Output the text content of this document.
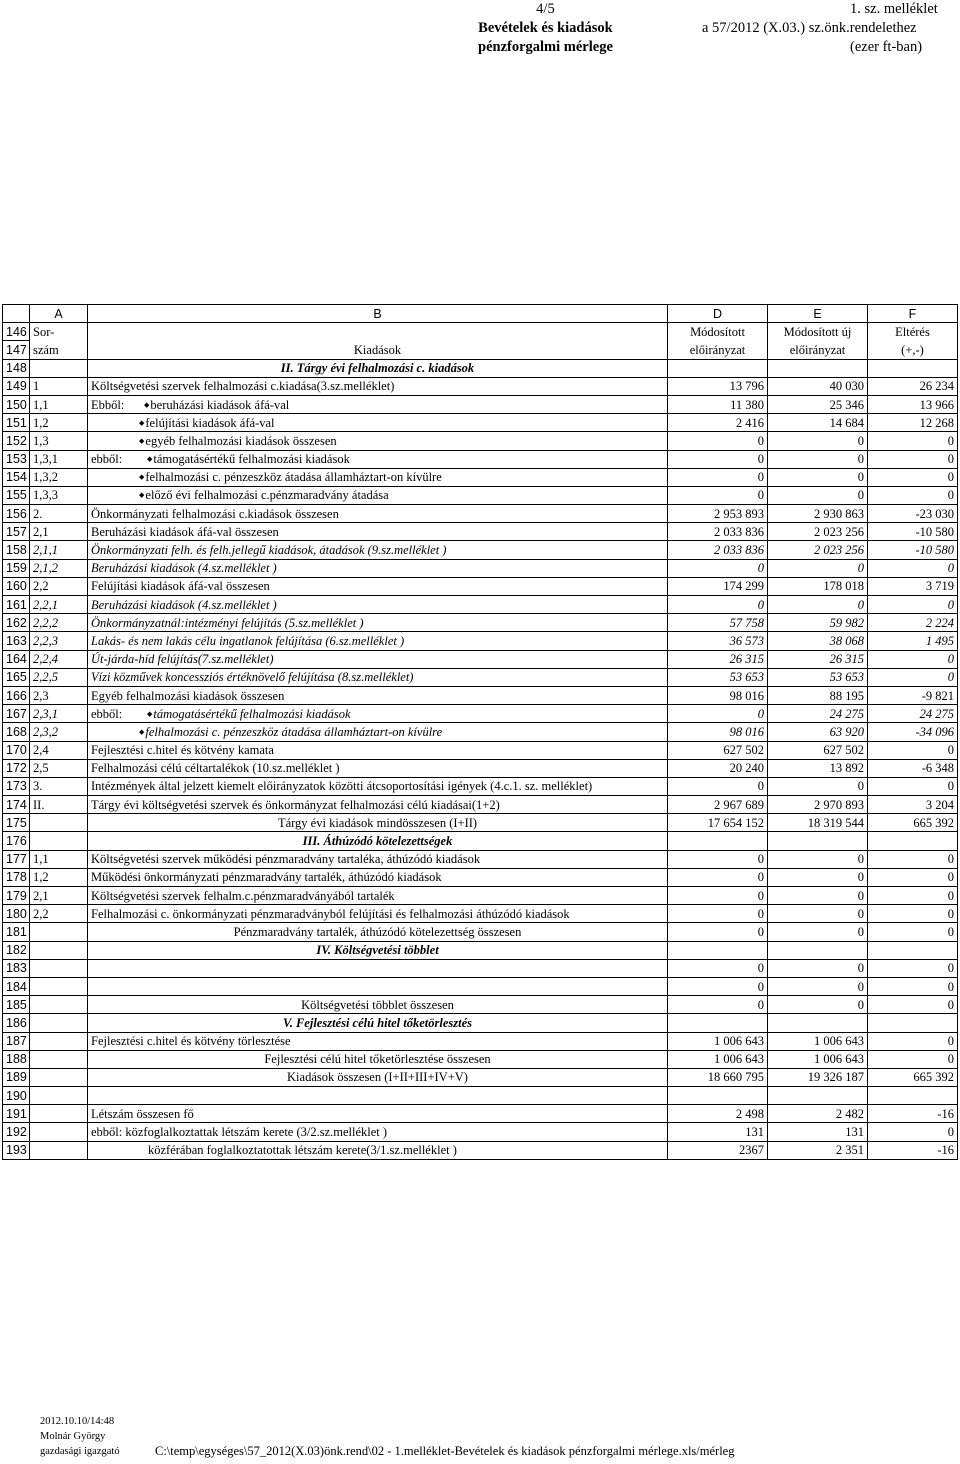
4/5
Bevételek és kiadások
pénzforgalmi mérlege
1. sz. melléklet
a 57/2012 (X.03.) sz.önk.rendelethez
(ezer ft-ban)
	A	B	D	E	F
146	Sor-		Módosított	Módosított új	Eltérés
147	szám	Kiadások	előirányzat	előirányzat	(+,-)
148		II. Tárgy évi felhalmozási c. kiadások			
149	1	Költségvetési szervek felhalmozási c.kiadása(3.sz.melléklet)	13 796	40 030	26 234
150	1,1	Ebből: ◆ beruházási kiadások áfá-val	11 380	25 346	13 966
151	1,2	◆ felújítási kiadások áfá-val	2 416	14 684	12 268
152	1,3	◆ egyéb felhalmozási kiadások összesen	0	0	0
153	1,3,1	ebből: ◆ támogatásértékű felhalmozási kiadások	0	0	0
154	1,3,2	◆ felhalmozási c. pénzeszköz átadása államháztart-on kívülre	0	0	0
155	1,3,3	◆ előző évi felhalmozási c.pénzmaradvány átadása	0	0	0
156	2.	Önkormányzati felhalmozási c.kiadások összesen	2 953 893	2 930 863	-23 030
157	2,1	Beruházási kiadások áfá-val összesen	2 033 836	2 023 256	-10 580
158	2,1,1	Önkormányzati felh. és felh.jellegű kiadások, átadások (9.sz.melléklet )	2 033 836	2 023 256	-10 580
159	2,1,2	Beruházási kiadások (4.sz.melléklet )	0	0	0
160	2,2	Felújítási kiadások áfá-val összesen	174 299	178 018	3 719
161	2,2,1	Beruházási kiadások (4.sz.melléklet )	0	0	0
162	2,2,2	Önkormányzatnál:intézményi felújítás (5.sz.melléklet )	57 758	59 982	2 224
163	2,2,3	Lakás- és nem lakás célu ingatlanok felújítása (6.sz.melléklet )	36 573	38 068	1 495
164	2,2,4	Út-járda-híd felújítás(7.sz.melléklet)	26 315	26 315	0
165	2,2,5	Vízi közművek koncessziós értéknövelő felújítása (8.sz.melléklet)	53 653	53 653	0
166	2,3	Egyéb felhalmozási kiadások összesen	98 016	88 195	-9 821
167	2,3,1	ebből: ◆ támogatásértékű felhalmozási kiadások	0	24 275	24 275
168	2,3,2	◆ felhalmozási c. pénzeszköz átadása államháztart-on kívülre	98 016	63 920	-34 096
170	2,4	Fejlesztési c.hitel és kötvény kamata	627 502	627 502	0
172	2,5	Felhalmozási célú céltartalékok (10.sz.melléklet )	20 240	13 892	-6 348
173	3.	Intézmények által jelzett kiemelt előirányzatok közötti átcsoportosítási igények (4.c.1. sz. melléklet)	0	0	0
174	II.	Tárgy évi költségvetési szervek és önkormányzat felhalmozási célú kiadásai(1+2)	2 967 689	2 970 893	3 204
175		Tárgy évi kiadások mindösszesen (I+II)	17 654 152	18 319 544	665 392
176		III. Áthúzódó kötelezettségek			
177	1,1	Költségvetési szervek működési pénzmaradvány tartaléka, áthúzódó kiadások	0	0	0
178	1,2	Működési önkormányzati pénzmaradvány tartalék, áthúzódó kiadások	0	0	0
179	2,1	Költségvetési szervek felhalm.c.pénzmaradványából tartalék	0	0	0
180	2,2	Felhalmozási c. önkormányzati pénzmaradványból felújítási és felhalmozási áthúzódó kiadások	0	0	0
181		Pénzmaradvány tartalék, áthúzódó kötelezettség összesen	0	0	0
182		IV. Költségvetési többlet			
183			0	0	0
184			0	0	0
185		Költségvetési többlet összesen	0	0	0
186		V. Fejlesztési célú hitel tőketörlesztés			
187		Fejlesztési c.hitel és kötvény törlesztése	1 006 643	1 006 643	0
188		Fejlesztési célú hitel tőketörlesztése összesen	1 006 643	1 006 643	0
189		Kiadások összesen (I+II+III+IV+V)	18 660 795	19 326 187	665 392
190					
191		Létszám összesen fő	2 498	2 482	-16
192		ebből: közfoglalkoztattak létszám kerete (3/2.sz.melléklet )	131	131	0
193		közférában foglalkoztatottak létszám kerete(3/1.sz.melléklet )	2367	2 351	-16
2012.10.10/14:48
Molnár György
gazdasági igazgató	C:\temp\egységes\57_2012(X.03)önk.rend\02 - 1.melléklet-Bevételek és kiadások pénzforgalmi mérlege.xls/mérleg
